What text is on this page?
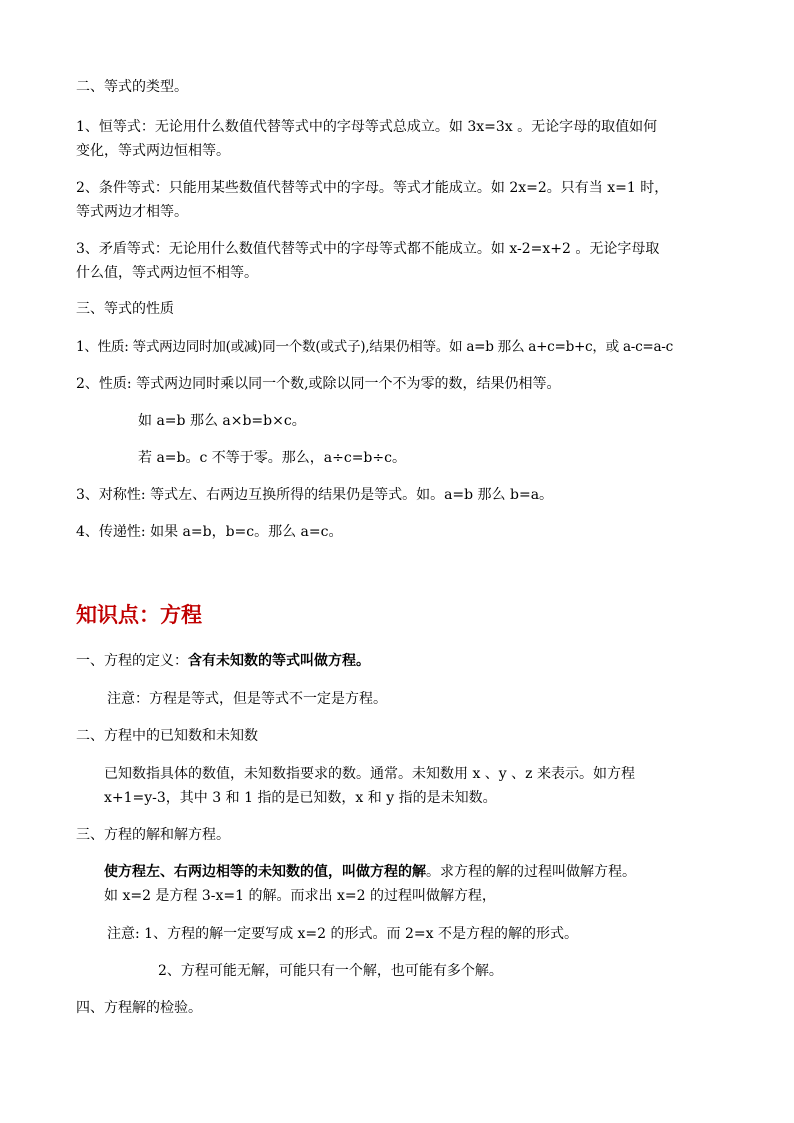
二、等式的类型。

1、恒等式：无论用什么数值代替等式中的字母等式总成立。如 3x=3x 。无论字母的取值如何

变化，等式两边恒相等。

2、条件等式：只能用某些数值代替等式中的字母。等式才能成立。如 2x=2。只有当 x=1 时，

等式两边才相等。

3、矛盾等式：无论用什么数值代替等式中的字母等式都不能成立。如 x-2=x+2 。无论字母取

什么值，等式两边恒不相等。

三、等式的性质

1、性质: 等式两边同时加(或减)同一个数(或式子),结果仍相等。如 a=b 那么 a+c=b+c，或 a-c=a-c

2、性质: 等式两边同时乘以同一个数,或除以同一个不为零的数，结果仍相等。

如 a=b 那么 a×b=b×c。

若 a=b。c 不等于零。那么，a÷c=b÷c。

3、对称性: 等式左、右两边互换所得的结果仍是等式。如。a=b 那么 b=a。

4、传递性: 如果 a=b，b=c。那么 a=c。

知识点：方程

一、方程的定义：含有未知数的等式叫做方程。

注意：方程是等式，但是等式不一定是方程。

二、方程中的已知数和未知数

已知数指具体的数值，未知数指要求的数。通常。未知数用 x 、y 、z 来表示。如方程

x+1=y-3，其中 3 和 1 指的是已知数，x 和 y 指的是未知数。

三、方程的解和解方程。

使方程左、右两边相等的未知数的值，叫做方程的解。求方程的解的过程叫做解方程。

如 x=2 是方程 3-x=1 的解。而求出 x=2 的过程叫做解方程，

注意: 1、方程的解一定要写成 x=2 的形式。而 2=x 不是方程的解的形式。

2、方程可能无解，可能只有一个解，也可能有多个解。

四、方程解的检验。
